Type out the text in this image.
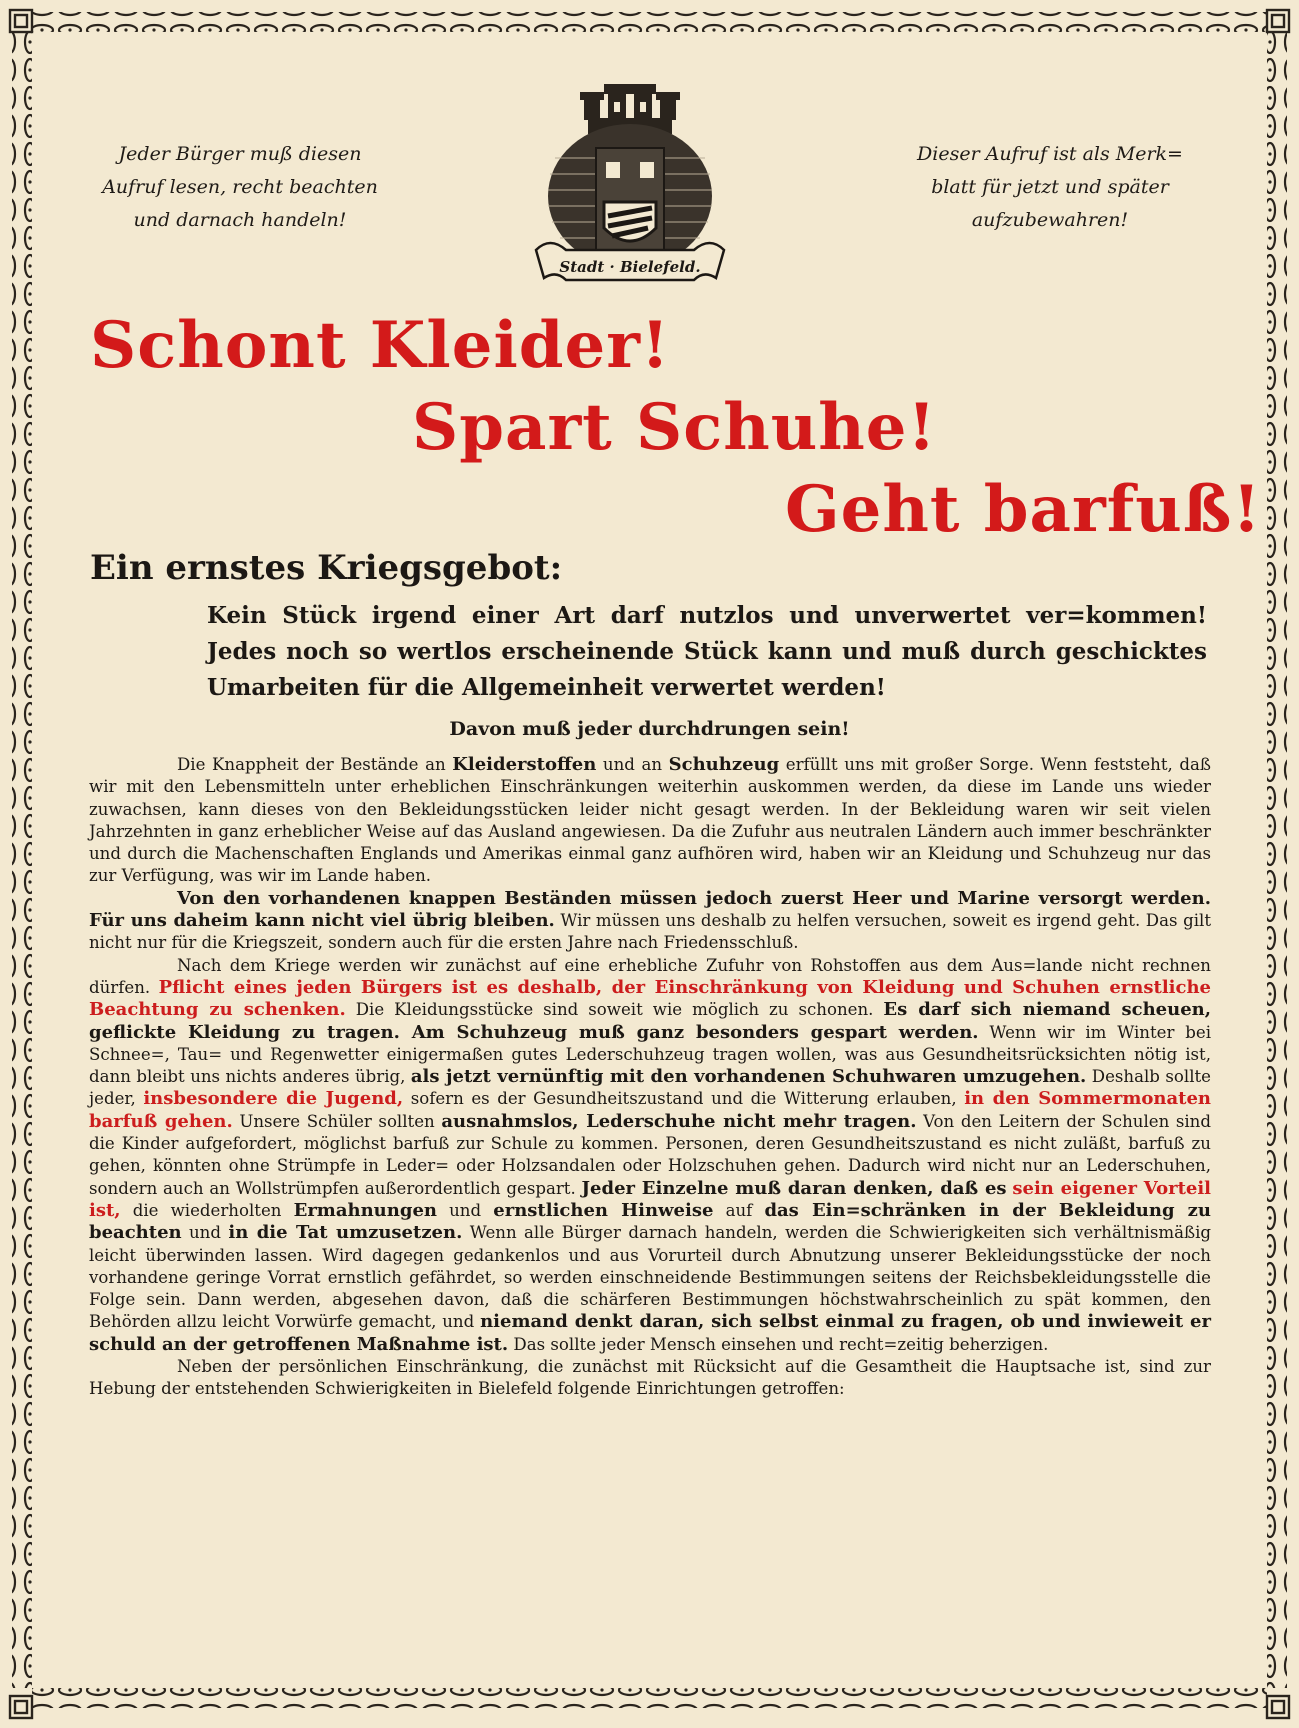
Jeder Bürger muß diesen
Aufruf lesen, recht beachten
und darnach handeln!
Stadt · Bielefeld.
Dieser Aufruf ist als Merk=
blatt für jetzt und später
aufzubewahren!
Schont Kleider!
Spart Schuhe!
Geht barfuß!
Ein ernstes Kriegsgebot:
Kein Stück irgend einer Art darf nutzlos und unverwertet ver=kommen! Jedes noch so wertlos erscheinende Stück kann und muß durch geschicktes Umarbeiten für die Allgemeinheit verwertet werden!
Davon muß jeder durchdrungen sein!

Die Knappheit der Bestände an Kleiderstoffen und an Schuhzeug erfüllt uns mit großer Sorge. Wenn feststeht, daß wir mit den Lebensmitteln unter erheblichen Einschränkungen weiterhin auskommen werden, da diese im Lande uns wieder zuwachsen, kann dieses von den Bekleidungsstücken leider nicht gesagt werden. In der Bekleidung waren wir seit vielen Jahrzehnten in ganz erheblicher Weise auf das Ausland angewiesen. Da die Zufuhr aus neutralen Ländern auch immer beschränkter und durch die Machenschaften Englands und Amerikas einmal ganz aufhören wird, haben wir an Kleidung und Schuhzeug nur das zur Verfügung, was wir im Lande haben.

Von den vorhandenen knappen Beständen müssen jedoch zuerst Heer und Marine versorgt werden. Für uns daheim kann nicht viel übrig bleiben. Wir müssen uns deshalb zu helfen versuchen, soweit es irgend geht. Das gilt nicht nur für die Kriegszeit, sondern auch für die ersten Jahre nach Friedensschluß.

Nach dem Kriege werden wir zunächst auf eine erhebliche Zufuhr von Rohstoffen aus dem Aus=lande nicht rechnen dürfen. Pflicht eines jeden Bürgers ist es deshalb, der Einschränkung von Kleidung und Schuhen ernstliche Beachtung zu schenken. Die Kleidungsstücke sind soweit wie möglich zu schonen. Es darf sich niemand scheuen, geflickte Kleidung zu tragen. Am Schuhzeug muß ganz besonders gespart werden. Wenn wir im Winter bei Schnee=, Tau= und Regenwetter einigermaßen gutes Lederschuhzeug tragen wollen, was aus Gesundheitsrücksichten nötig ist, dann bleibt uns nichts anderes übrig, als jetzt vernünftig mit den vorhandenen Schuhwaren umzugehen. Deshalb sollte jeder, insbesondere die Jugend, sofern es der Gesundheitszustand und die Witterung erlauben, in den Sommermonaten barfuß gehen. Unsere Schüler sollten ausnahmslos, Lederschuhe nicht mehr tragen. Von den Leitern der Schulen sind die Kinder aufgefordert, möglichst barfuß zur Schule zu kommen. Personen, deren Gesundheitszustand es nicht zuläßt, barfuß zu gehen, könnten ohne Strümpfe in Leder= oder Holzsandalen oder Holzschuhen gehen. Dadurch wird nicht nur an Lederschuhen, sondern auch an Wollstrümpfen außerordentlich gespart. Jeder Einzelne muß daran denken, daß es sein eigener Vorteil ist, die wiederholten Ermahnungen und ernstlichen Hinweise auf das Ein=schränken in der Bekleidung zu beachten und in die Tat umzusetzen. Wenn alle Bürger darnach handeln, werden die Schwierigkeiten sich verhältnismäßig leicht überwinden lassen. Wird dagegen gedankenlos und aus Vorurteil durch Abnutzung unserer Bekleidungsstücke der noch vorhandene geringe Vorrat ernstlich gefährdet, so werden einschneidende Bestimmungen seitens der Reichsbekleidungsstelle die Folge sein. Dann werden, abgesehen davon, daß die schärferen Bestimmungen höchstwahrscheinlich zu spät kommen, den Behörden allzu leicht Vorwürfe gemacht, und niemand denkt daran, sich selbst einmal zu fragen, ob und inwieweit er schuld an der getroffenen Maßnahme ist. Das sollte jeder Mensch einsehen und recht=zeitig beherzigen.

Neben der persönlichen Einschränkung, die zunächst mit Rücksicht auf die Gesamtheit die Hauptsache ist, sind zur Hebung der entstehenden Schwierigkeiten in Bielefeld folgende Einrichtungen getroffen:
